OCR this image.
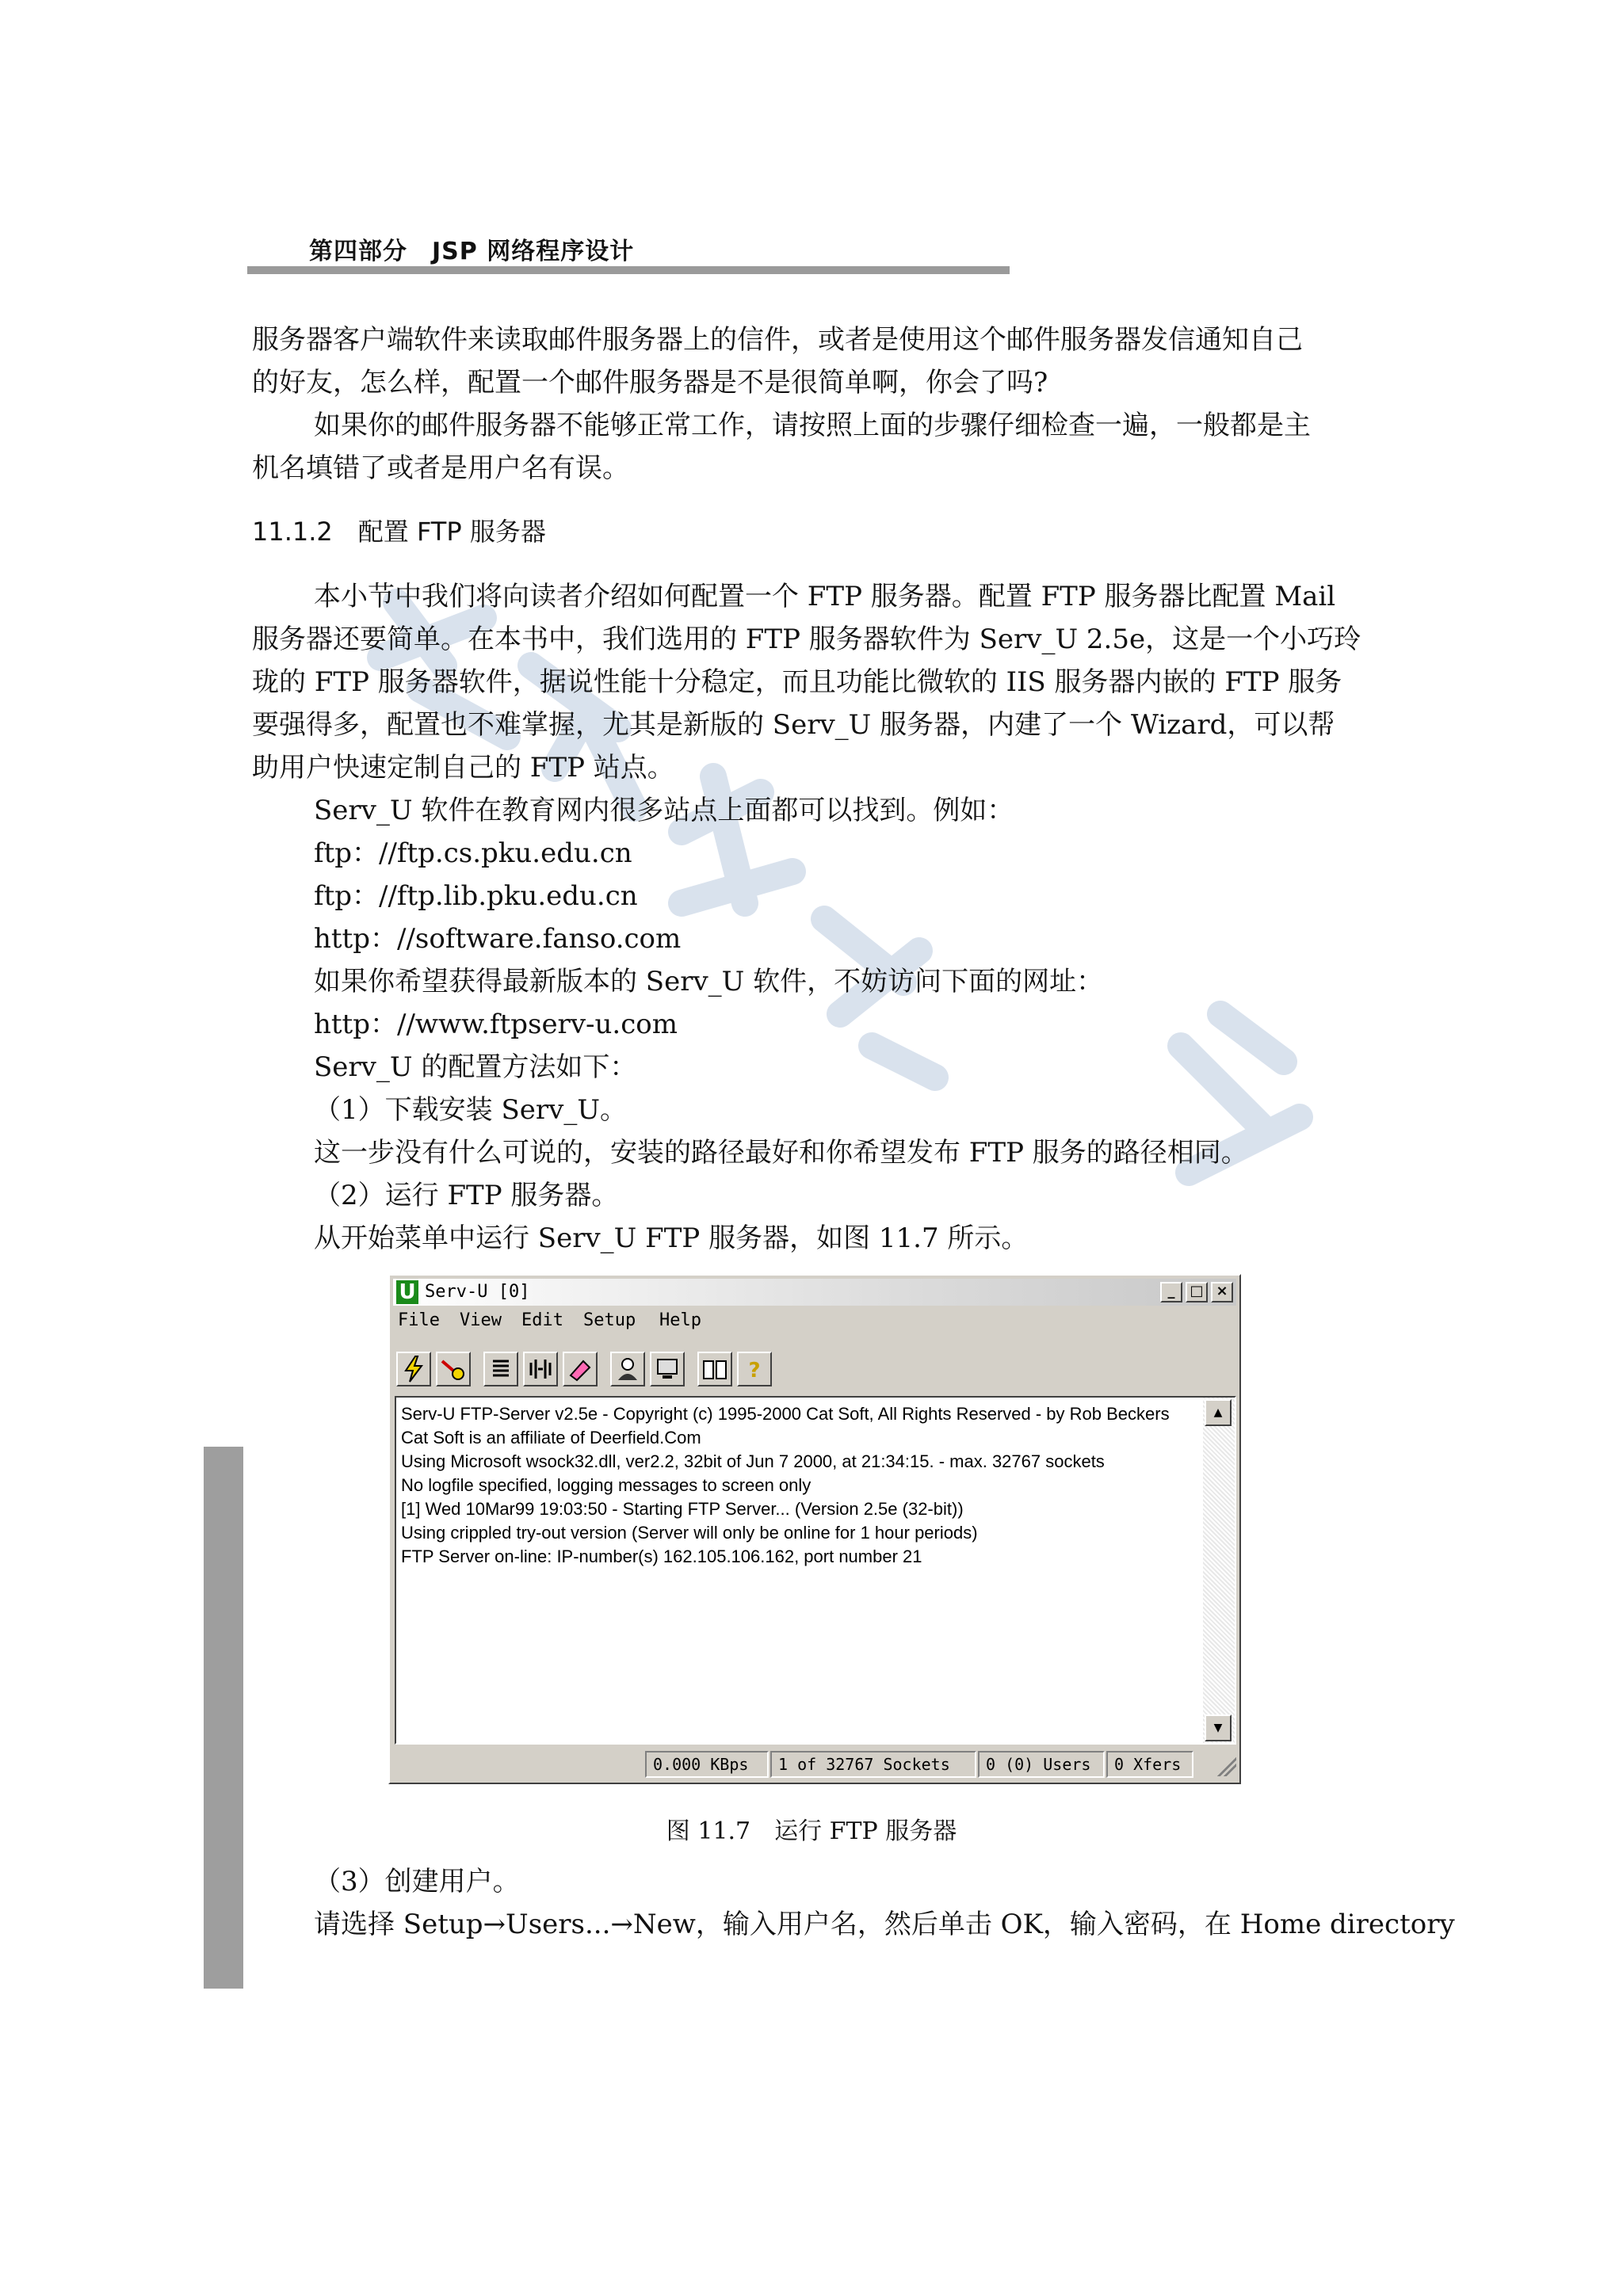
第四部分　JSP 网络程序设计
服务器客户端软件来读取邮件服务器上的信件，或者是使用这个邮件服务器发信通知自己
的好友，怎么样，配置一个邮件服务器是不是很简单啊，你会了吗?
如果你的邮件服务器不能够正常工作，请按照上面的步骤仔细检查一遍，一般都是主
机名填错了或者是用户名有误。
11.1.2　配置 FTP 服务器
本小节中我们将向读者介绍如何配置一个 FTP 服务器。配置 FTP 服务器比配置 Mail
服务器还要简单。在本书中，我们选用的 FTP 服务器软件为 Serv_U 2.5e，这是一个小巧玲
珑的 FTP 服务器软件，据说性能十分稳定，而且功能比微软的 IIS 服务器内嵌的 FTP 服务
要强得多，配置也不难掌握，尤其是新版的 Serv_U 服务器，内建了一个 Wizard，可以帮
助用户快速定制自己的 FTP 站点。
Serv_U 软件在教育网内很多站点上面都可以找到。例如：
ftp：//ftp.cs.pku.edu.cn
ftp：//ftp.lib.pku.edu.cn
http：//software.fanso.com
如果你希望获得最新版本的 Serv_U 软件，不妨访问下面的网址：
http：//www.ftpserv-u.com
Serv_U 的配置方法如下：
（1）下载安装 Serv_U。
这一步没有什么可说的，安装的路径最好和你希望发布 FTP 服务的路径相同。
（2）运行 FTP 服务器。
从开始菜单中运行 Serv_U FTP 服务器，如图 11.7 所示。
U Serv-U [0]	_	□ ×
File View Edit Setup Help
?
Serv-U FTP-Server v2.5e - Copyright (c) 1995-2000 Cat Soft, All Rights Reserved - by Rob Beckers
Cat Soft is an affiliate of Deerfield.Com
Using Microsoft wsock32.dll, ver2.2, 32bit of Jun 7 2000, at 21:34:15. - max. 32767 sockets
No logfile specified, logging messages to screen only
[1] Wed 10Mar99 19:03:50 - Starting FTP Server... (Version 2.5e (32-bit))
Using crippled try-out version (Server will only be online for 1 hour periods)
FTP Server on-line: IP-number(s) 162.105.106.162, port number 21
▲
▼
0.000 KBps	1 of 32767 Sockets	0 (0) Users	0 Xfers
图 11.7　运行 FTP 服务器
（3）创建用户。
请选择 Setup→Users...→New，输入用户名，然后单击 OK，输入密码，在 Home directory
